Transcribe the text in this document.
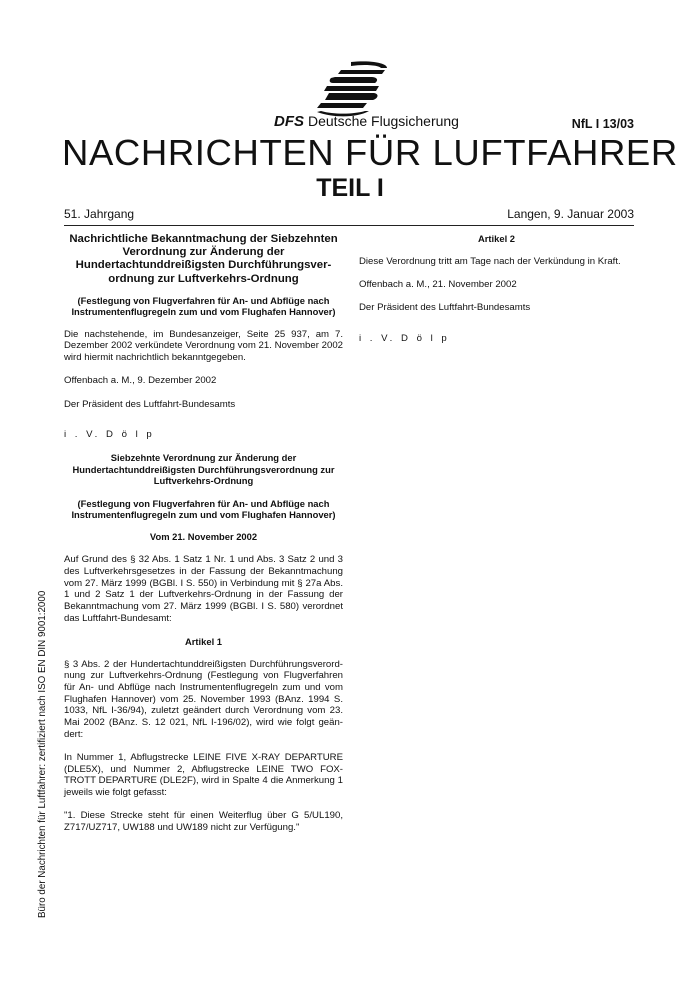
DFS Deutsche Flugsicherung	NfL I 13/03
NACHRICHTEN FÜR LUFTFAHRER
TEIL I
51. Jahrgang	Langen, 9. Januar 2003

Nachrichtliche Bekanntmachung der Siebzehnten Verordnung zur Änderung der Hundertachtunddreißigsten Durchführungsver-ordnung zur Luftverkehrs-Ordnung

(Festlegung von Flugverfahren für An- und Abflüge nach Instrumentenflugregeln zum und vom Flughafen Hannover)

Die nachstehende, im Bundesanzeiger, Seite 25 937, am 7. Dezember 2002 verkündete Verordnung vom 21. November 2002 wird hiermit nachrichtlich bekanntgegeben.

Offenbach a. M., 9. Dezember 2002

Der Präsident des Luftfahrt-Bundesamts

i . V. D ö l p

Siebzehnte Verordnung zur Änderung der Hundertachtunddreißigsten Durchführungsverordnung zur Luftverkehrs-Ordnung

(Festlegung von Flugverfahren für An- und Abflüge nach Instrumentenflugregeln zum und vom Flughafen Hannover)

Vom 21. November 2002

Auf Grund des § 32 Abs. 1 Satz 1 Nr. 1 und Abs. 3 Satz 2 und 3 des Luftverkehrsgesetzes in der Fassung der Bekanntmachung vom 27. März 1999 (BGBl. I S. 550) in Verbindung mit § 27a Abs. 1 und 2 Satz 1 der Luftverkehrs-Ordnung in der Fassung der Bekanntmachung vom 27. März 1999 (BGBl. I S. 580) verordnet das Luftfahrt-Bundesamt:

Artikel 1

§ 3 Abs. 2 der Hundertachtunddreißigsten Durchführungsverord-nung zur Luftverkehrs-Ordnung (Festlegung von Flugverfahren für An- und Abflüge nach Instrumentenflugregeln zum und vom Flughafen Hannover) vom 25. November 1993 (BAnz. 1994 S. 1033, NfL I-36/94), zuletzt geändert durch Verordnung vom 23. Mai 2002 (BAnz. S. 12 021, NfL I-196/02), wird wie folgt geän-dert:

In Nummer 1, Abflugstrecke LEINE FIVE X-RAY DEPARTURE (DLE5X), und Nummer 2, Abflugstrecke LEINE TWO FOX-TROTT DEPARTURE (DLE2F), wird in Spalte 4 die Anmerkung 1 jeweils wie folgt gefasst:

"1. Diese Strecke steht für einen Weiterflug über G 5/UL190, Z717/UZ717, UW188 und UW189 nicht zur Verfügung."

Artikel 2

Diese Verordnung tritt am Tage nach der Verkündung in Kraft.

Offenbach a. M., 21. November 2002

Der Präsident des Luftfahrt-Bundesamts

i . V. D ö l p

Büro der Nachrichten für Luftfahrer: zertifiziert nach ISO EN DIN 9001:2000
